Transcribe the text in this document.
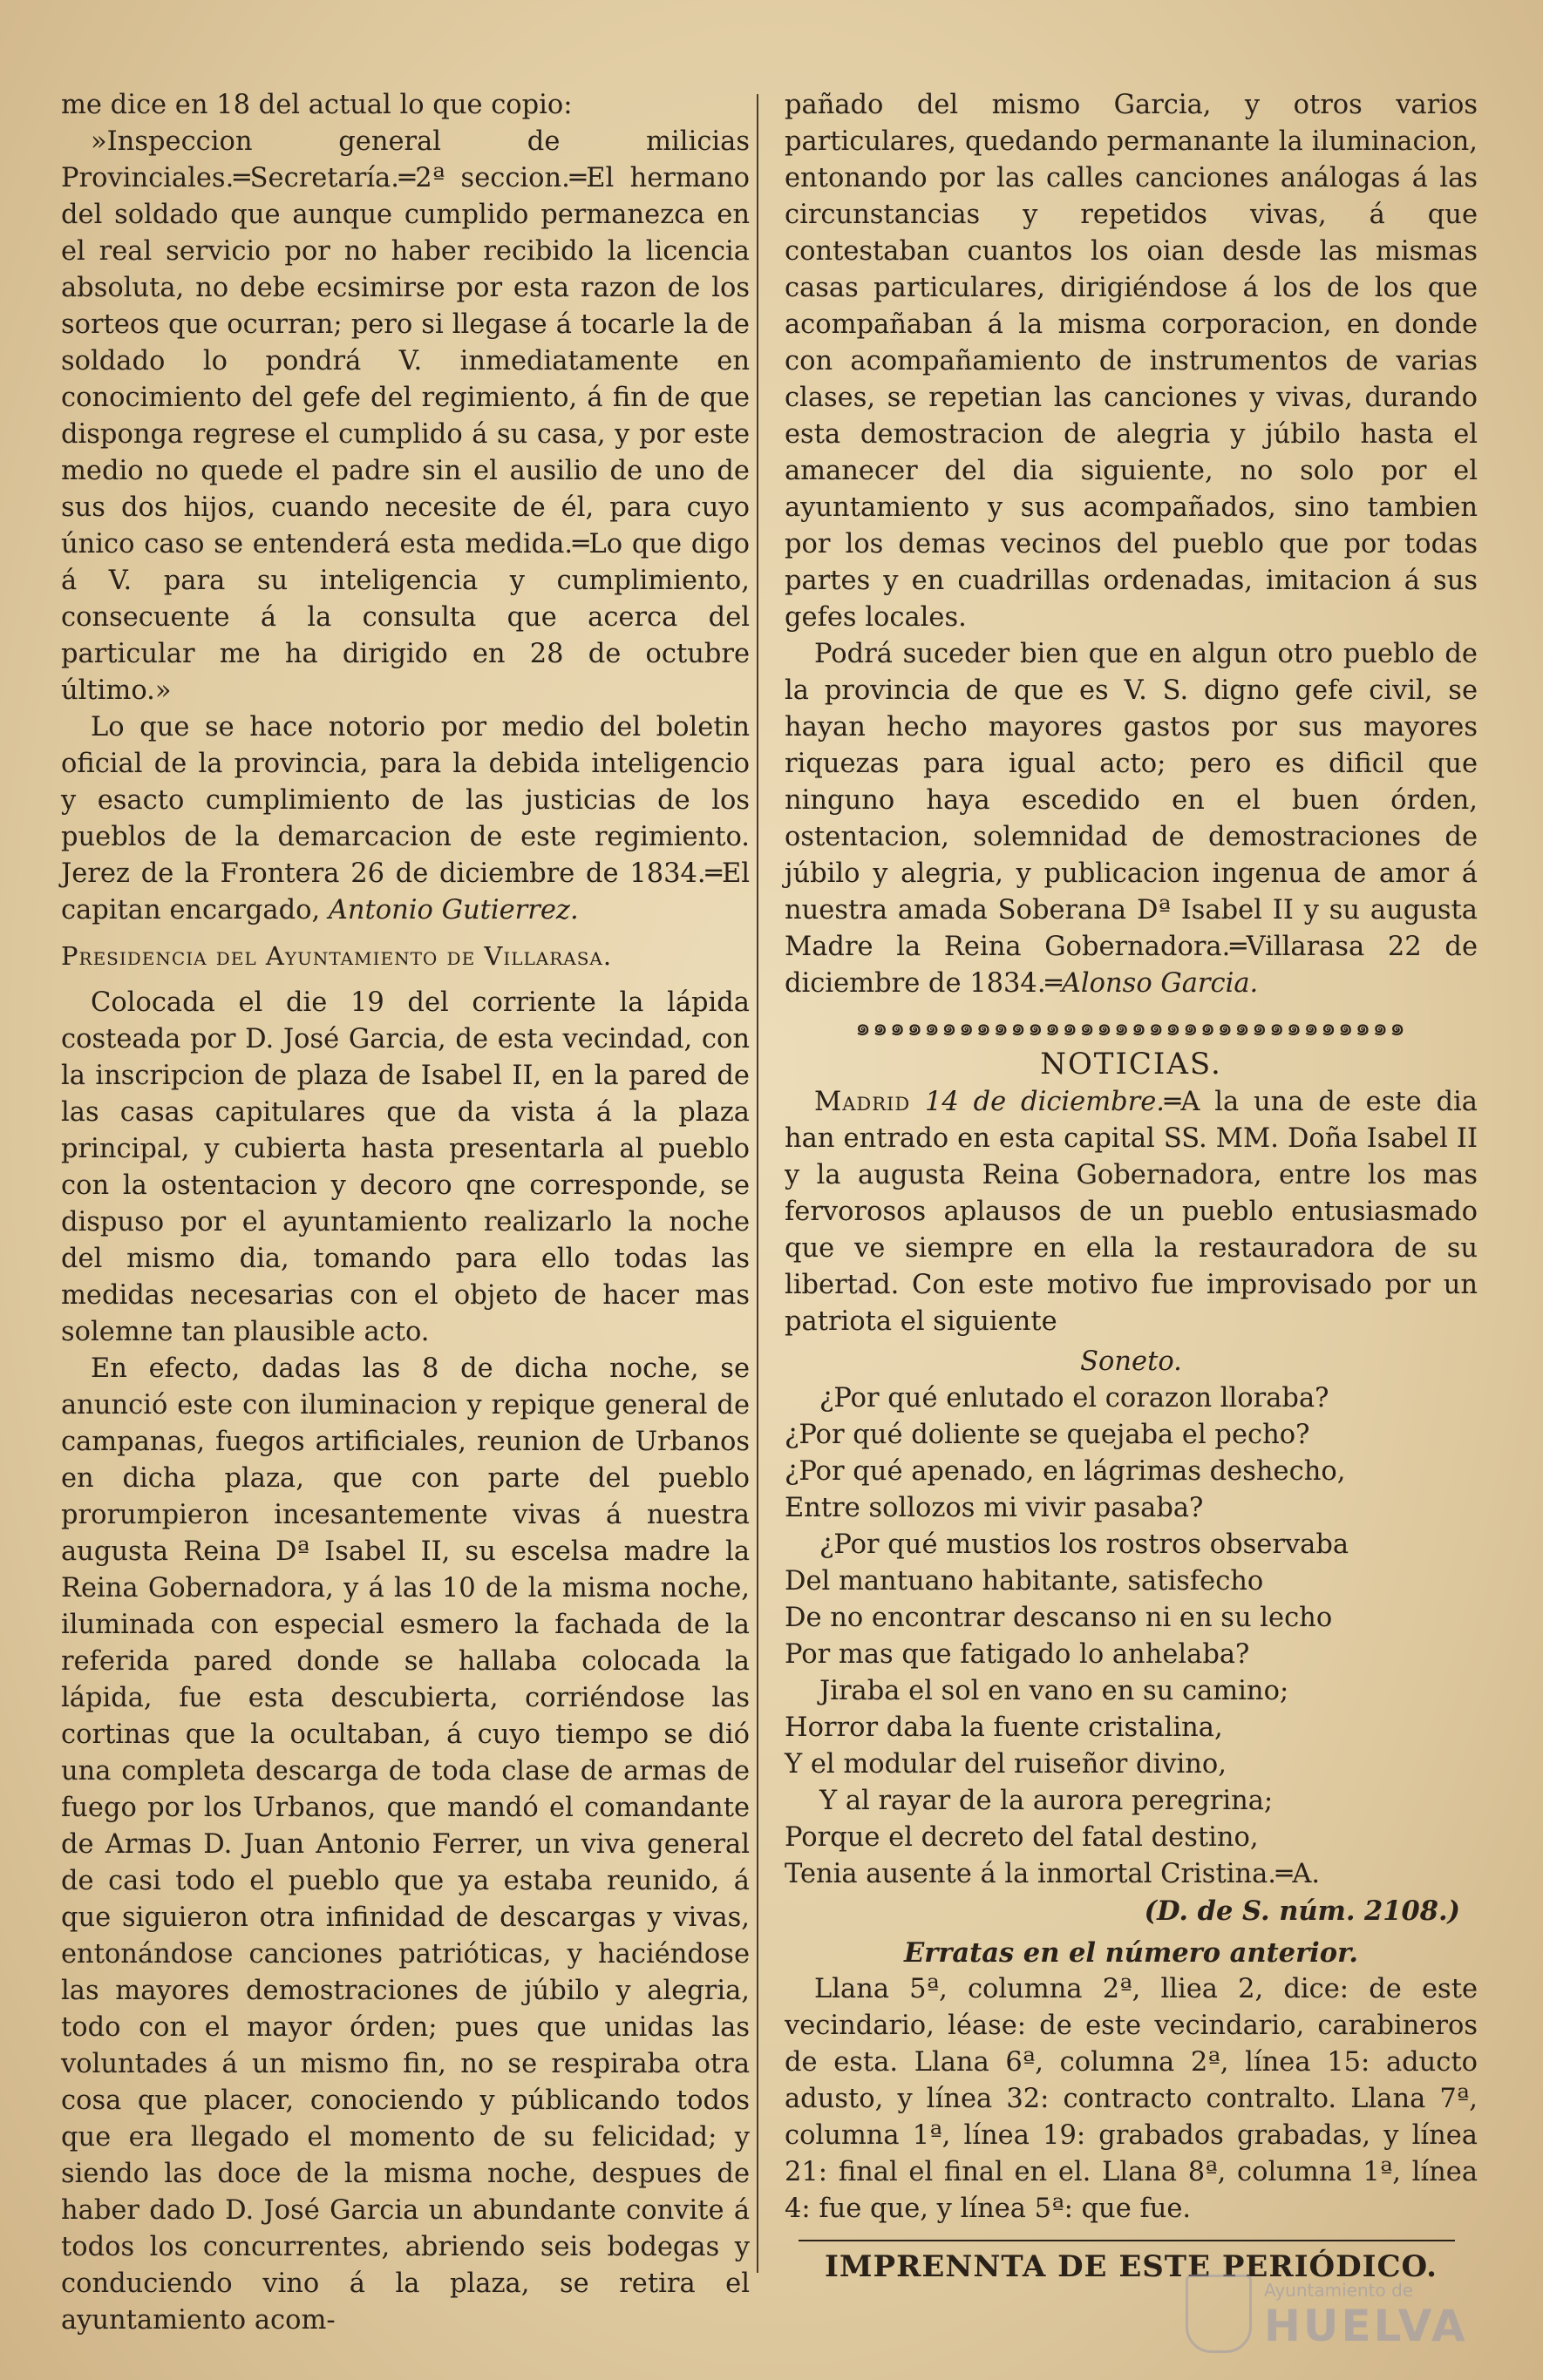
me dice en 18 del actual lo que copio:

»Inspeccion general de milicias Provinciales.═Secretaría.═2ª seccion.═El hermano del soldado que aunque cumplido permanezca en el real servicio por no haber recibido la licencia absoluta, no debe ecsimirse por esta razon de los sorteos que ocurran; pero si llegase á tocarle la de soldado lo pondrá V. inmediatamente en conocimiento del gefe del regimiento, á fin de que disponga regrese el cumplido á su casa, y por este medio no quede el padre sin el ausilio de uno de sus dos hijos, cuando necesite de él, para cuyo único caso se entenderá esta medida.═Lo que digo á V. para su inteligencia y cumplimiento, consecuente á la consulta que acerca del particular me ha dirigido en 28 de octubre último.»

Lo que se hace notorio por medio del boletin oficial de la provincia, para la debida inteligencio y esacto cumplimiento de las justicias de los pueblos de la demarcacion de este regimiento. Jerez de la Frontera 26 de diciembre de 1834.═El capitan encargado, Antonio Gutierrez.

Presidencia del Ayuntamiento de Villarasa.

Colocada el die 19 del corriente la lápida costeada por D. José Garcia, de esta vecindad, con la inscripcion de plaza de Isabel II, en la pared de las casas capitulares que da vista á la plaza principal, y cubierta hasta presentarla al pueblo con la ostentacion y decoro qne corresponde, se dispuso por el ayuntamiento realizarlo la noche del mismo dia, tomando para ello todas las medidas necesarias con el objeto de hacer mas solemne tan plausible acto.

En efecto, dadas las 8 de dicha noche, se anunció este con iluminacion y repique general de campanas, fuegos artificiales, reunion de Urbanos en dicha plaza, que con parte del pueblo prorumpieron incesantemente vivas á nuestra augusta Reina Dª Isabel II, su escelsa madre la Reina Gobernadora, y á las 10 de la misma noche, iluminada con especial esmero la fachada de la referida pared donde se hallaba colocada la lápida, fue esta descubierta, corriéndose las cortinas que la ocultaban, á cuyo tiempo se dió una completa descarga de toda clase de armas de fuego por los Urbanos, que mandó el comandante de Armas D. Juan Antonio Ferrer, un viva general de casi todo el pueblo que ya estaba reunido, á que siguieron otra infinidad de descargas y vivas, entonándose canciones patrióticas, y haciéndose las mayores demostraciones de júbilo y alegria, todo con el mayor órden; pues que unidas las voluntades á un mismo fin, no se respiraba otra cosa que placer, conociendo y públicando todos que era llegado el momento de su felicidad; y siendo las doce de la misma noche, despues de haber dado D. José Garcia un abundante convite á todos los concurrentes, abriendo seis bodegas y conduciendo vino á la plaza, se retira el ayuntamiento acom-

pañado del mismo Garcia, y otros varios particulares, quedando permanante la iluminacion, entonando por las calles canciones análogas á las circunstancias y repetidos vivas, á que contestaban cuantos los oian desde las mismas casas particulares, dirigiéndose á los de los que acompañaban á la misma corporacion, en donde con acompañamiento de instrumentos de varias clases, se repetian las canciones y vivas, durando esta demostracion de alegria y júbilo hasta el amanecer del dia siguiente, no solo por el ayuntamiento y sus acompañados, sino tambien por los demas vecinos del pueblo que por todas partes y en cuadrillas ordenadas, imitacion á sus gefes locales.

Podrá suceder bien que en algun otro pueblo de la provincia de que es V. S. digno gefe civil, se hayan hecho mayores gastos por sus mayores riquezas para igual acto; pero es dificil que ninguno haya escedido en el buen órden, ostentacion, solemnidad de demostraciones de júbilo y alegria, y publicacion ingenua de amor á nuestra amada Soberana Dª Isabel II y su augusta Madre la Reina Gobernadora.═Villarasa 22 de diciembre de 1834.═Alonso Garcia.

๑๑๑๑๑๑๑๑๑๑๑๑๑๑๑๑๑๑๑๑๑๑๑๑๑๑๑๑๑๑๑๑
NOTICIAS.

Madrid 14 de diciembre.═A la una de este dia han entrado en esta capital SS. MM. Doña Isabel II y la augusta Reina Gobernadora, entre los mas fervorosos aplausos de un pueblo entusiasmado que ve siempre en ella la restauradora de su libertad. Con este motivo fue improvisado por un patriota el siguiente

Soneto.
¿Por qué enlutado el corazon lloraba?
¿Por qué doliente se quejaba el pecho?
¿Por qué apenado, en lágrimas deshecho,
Entre sollozos mi vivir pasaba?
¿Por qué mustios los rostros observaba
Del mantuano habitante, satisfecho
De no encontrar descanso ni en su lecho
Por mas que fatigado lo anhelaba?
Jiraba el sol en vano en su camino;
Horror daba la fuente cristalina,
Y el modular del ruiseñor divino,
Y al rayar de la aurora peregrina;
Porque el decreto del fatal destino,
Tenia ausente á la inmortal Cristina.═A.
(D. de S. núm. 2108.)
Erratas en el número anterior.

Llana 5ª, columna 2ª, lliea 2, dice: de este vecindario, léase: de este vecindario, carabineros de esta. Llana 6ª, columna 2ª, línea 15: aducto adusto, y línea 32: contracto contralto. Llana 7ª, columna 1ª, línea 19: grabados grabadas, y línea 21: final el final en el. Llana 8ª, columna 1ª, línea 4: fue que, y línea 5ª: que fue.

IMPRENNTA DE ESTE PERIÓDICO.
Ayuntamiento de
HUELVA
